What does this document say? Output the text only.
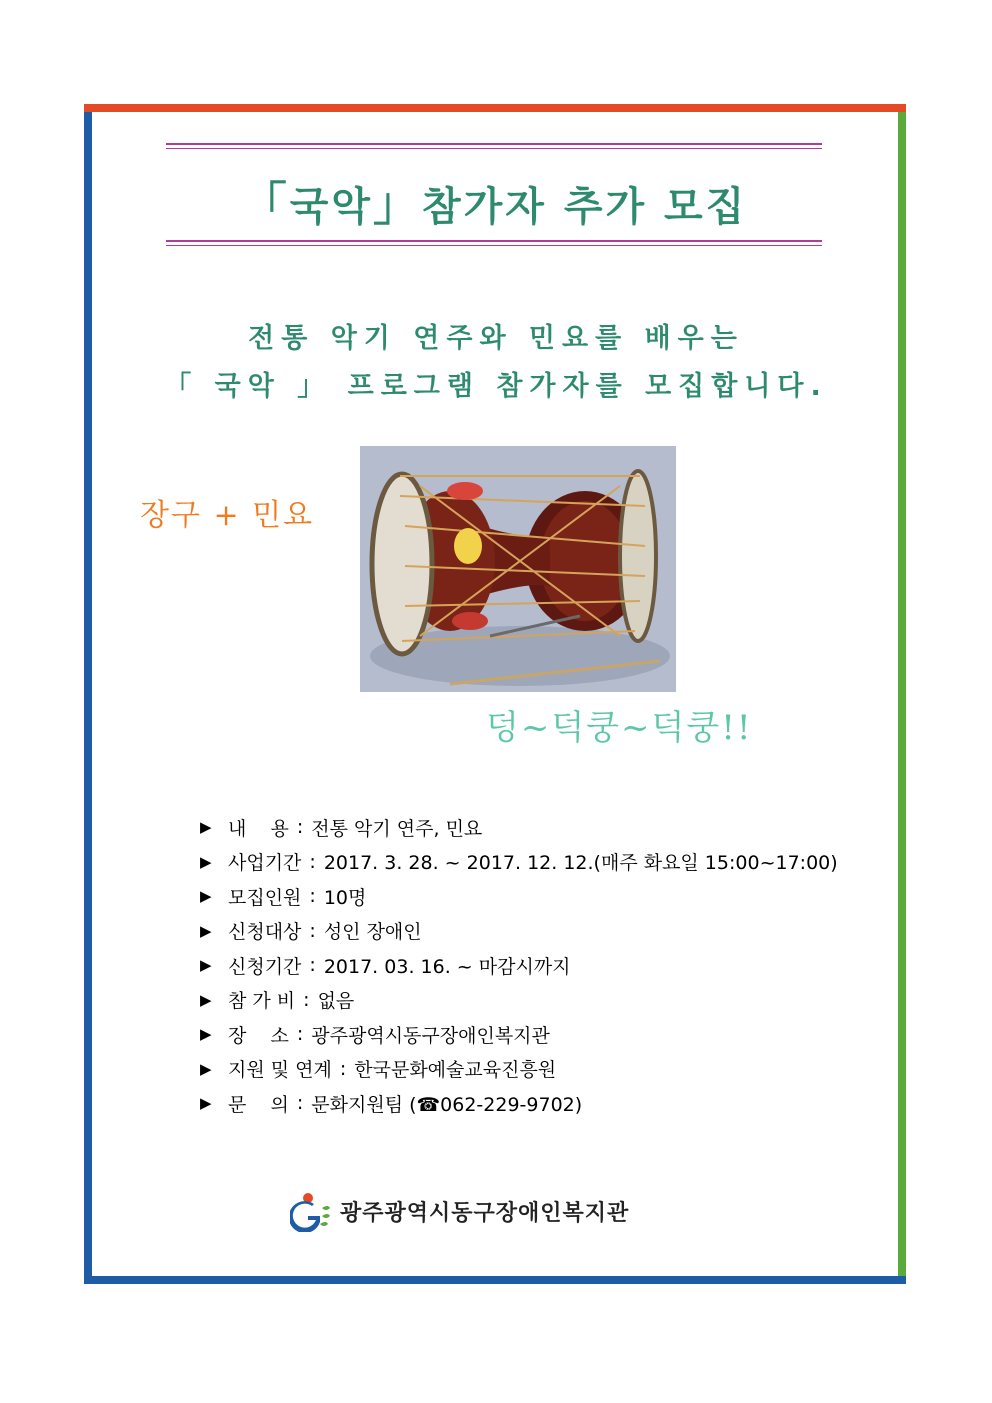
「국악」참가자 추가 모집
전통 악기 연주와 민요를 배우는
「 국악 」 프로그램 참가자를 모집합니다.
장구 + 민요
덩~덕쿵~덕쿵!!
▶ 내    용 : 전통 악기 연주, 민요
▶ 사업기간 : 2017. 3. 28. ~ 2017. 12. 12.(매주 화요일 15:00~17:00)
▶ 모집인원 : 10명
▶ 신청대상 : 성인 장애인
▶ 신청기간 : 2017. 03. 16. ~ 마감시까지
▶ 참 가 비 : 없음
▶ 장    소 : 광주광역시동구장애인복지관
▶ 지원 및 연계 : 한국문화예술교육진흥원
▶ 문    의 : 문화지원팀 (☎062-229-9702)
광주광역시동구장애인복지관
